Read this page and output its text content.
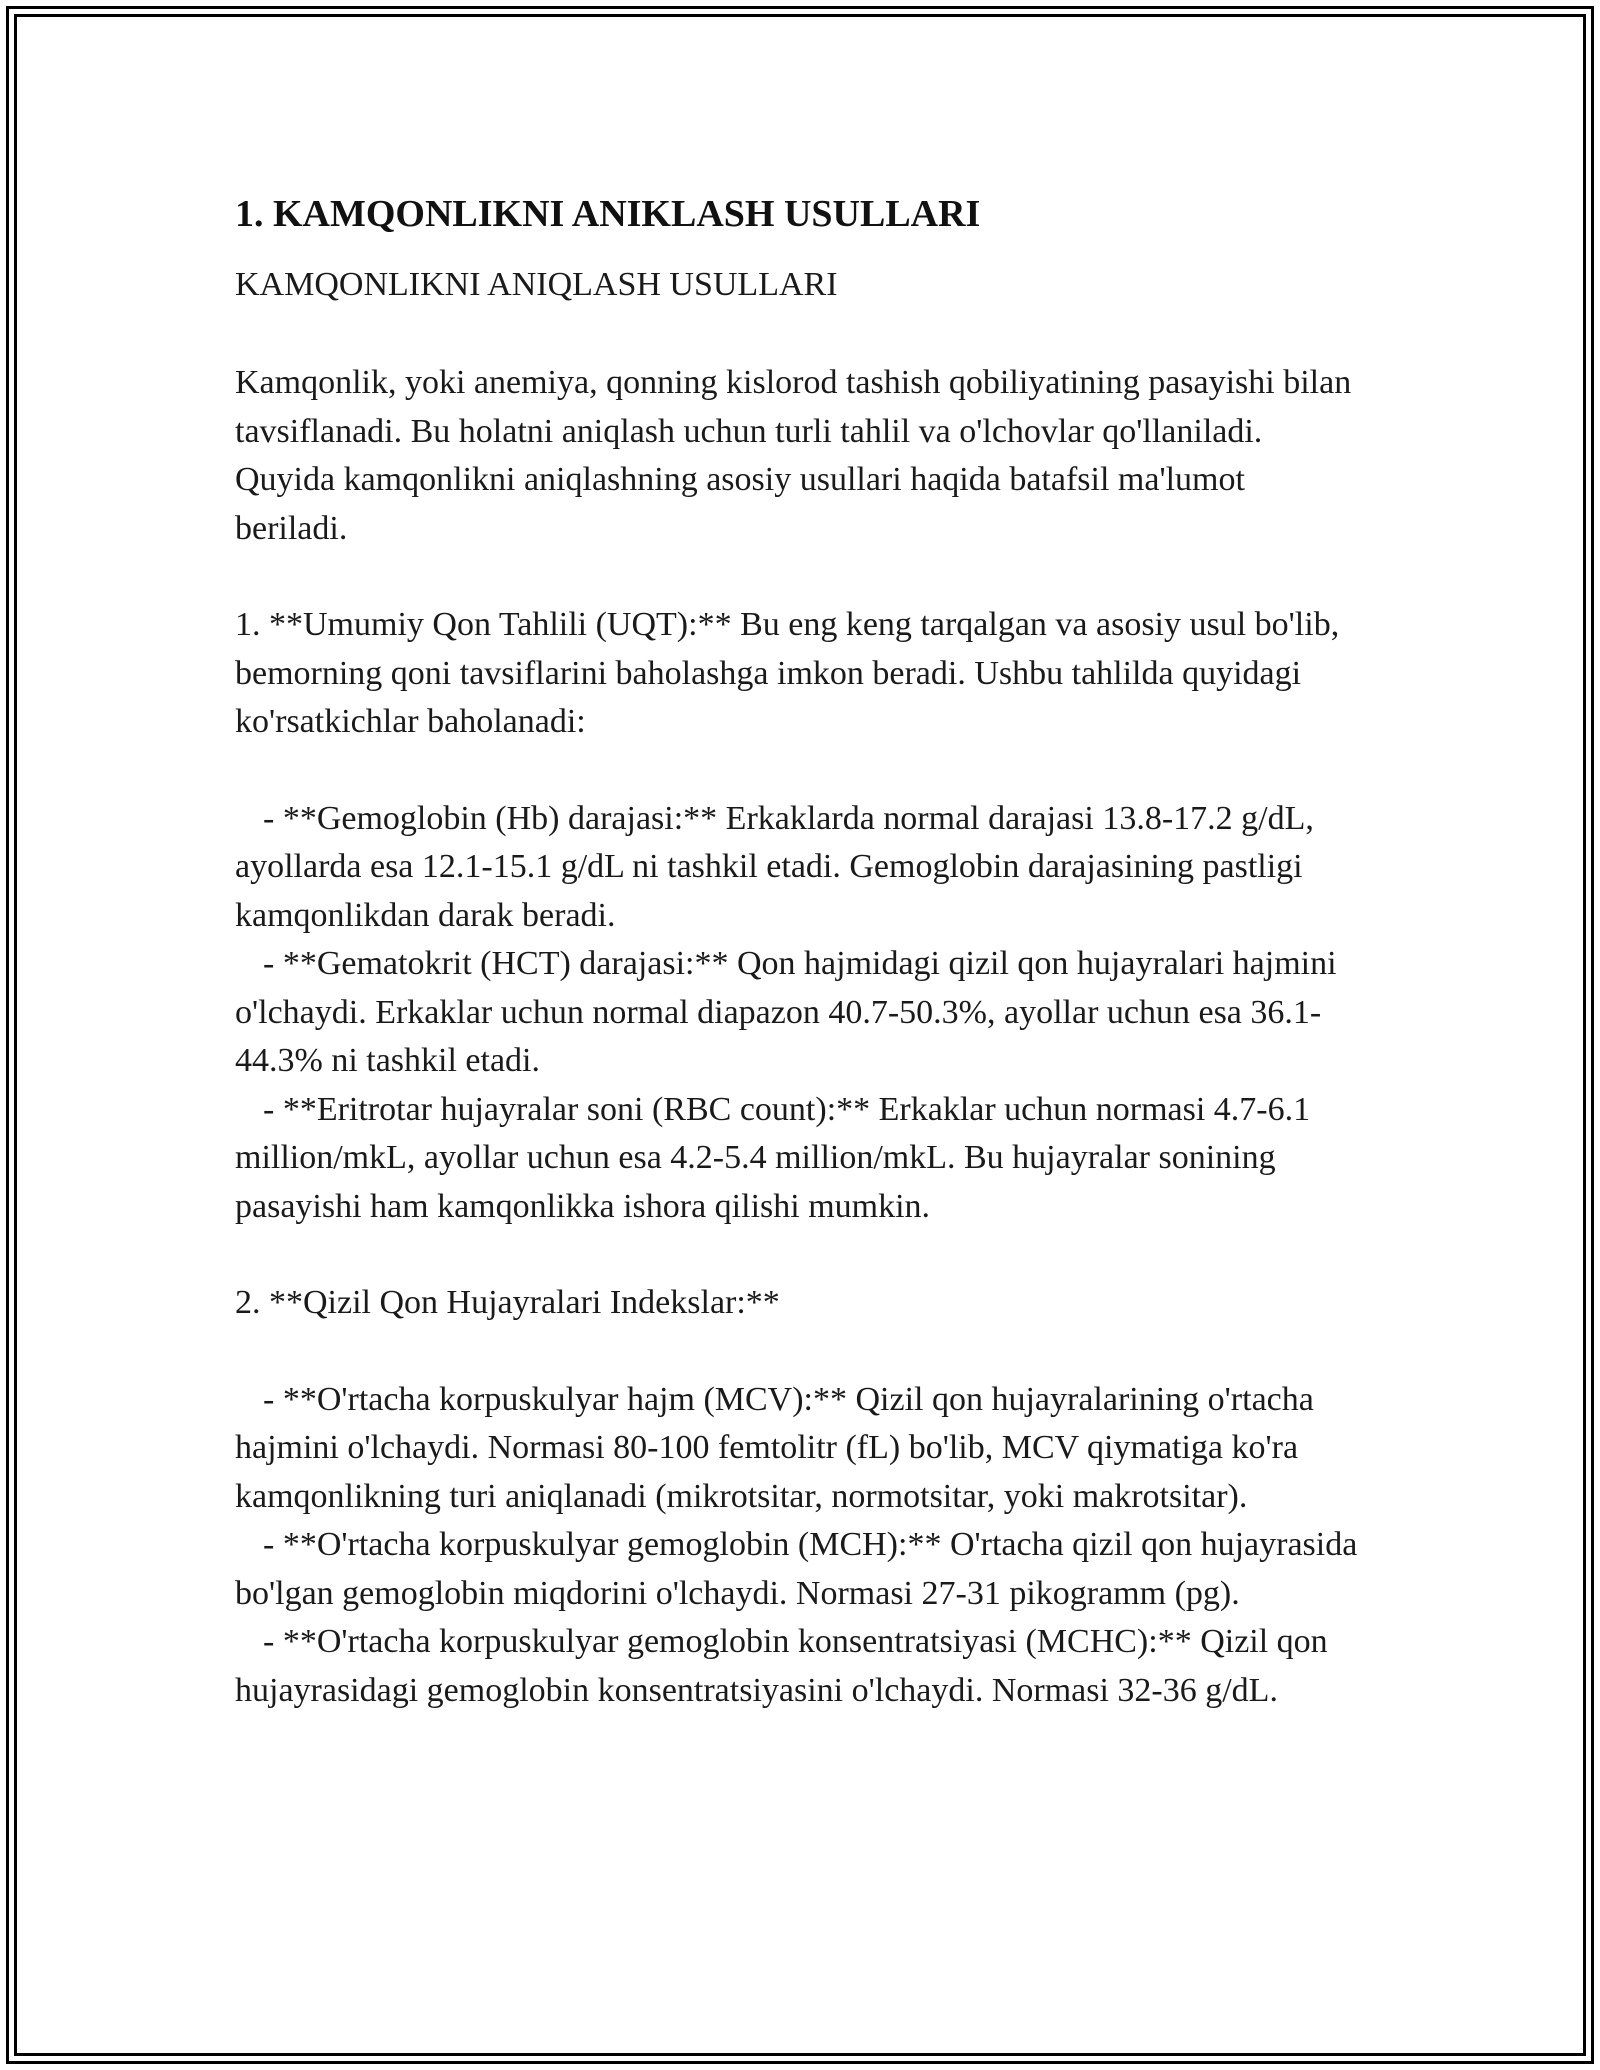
1. KAMQONLIKNI ANIKLASH USULLARI

KAMQONLIKNI ANIQLASH USULLARI

Kamqonlik, yoki anemiya, qonning kislorod tashish qobiliyatining pasayishi bilan tavsiflanadi. Bu holatni aniqlash uchun turli tahlil va o'lchovlar qo'llaniladi. Quyida kamqonlikni aniqlashning asosiy usullari haqida batafsil ma'lumot beriladi.

1. **Umumiy Qon Tahlili (UQT):** Bu eng keng tarqalgan va asosiy usul bo'lib, bemorning qoni tavsiflarini baholashga imkon beradi. Ushbu tahlilda quyidagi ko'rsatkichlar baholanadi:

- **Gemoglobin (Hb) darajasi:** Erkaklarda normal darajasi 13.8-17.2 g/dL, ayollarda esa 12.1-15.1 g/dL ni tashkil etadi. Gemoglobin darajasining pastligi kamqonlikdan darak beradi.

- **Gematokrit (HCT) darajasi:** Qon hajmidagi qizil qon hujayralari hajmini o'lchaydi. Erkaklar uchun normal diapazon 40.7-50.3%, ayollar uchun esa 36.1-44.3% ni tashkil etadi.

- **Eritrotar hujayralar soni (RBC count):** Erkaklar uchun normasi 4.7-6.1 million/mkL, ayollar uchun esa 4.2-5.4 million/mkL. Bu hujayralar sonining pasayishi ham kamqonlikka ishora qilishi mumkin.

2. **Qizil Qon Hujayralari Indekslar:**

- **O'rtacha korpuskulyar hajm (MCV):** Qizil qon hujayralarining o'rtacha hajmini o'lchaydi. Normasi 80-100 femtolitr (fL) bo'lib, MCV qiymatiga ko'ra kamqonlikning turi aniqlanadi (mikrotsitar, normotsitar, yoki makrotsitar).

- **O'rtacha korpuskulyar gemoglobin (MCH):** O'rtacha qizil qon hujayrasida bo'lgan gemoglobin miqdorini o'lchaydi. Normasi 27-31 pikogramm (pg).

- **O'rtacha korpuskulyar gemoglobin konsentratsiyasi (MCHC):** Qizil qon hujayrasidagi gemoglobin konsentratsiyasini o'lchaydi. Normasi 32-36 g/dL.
